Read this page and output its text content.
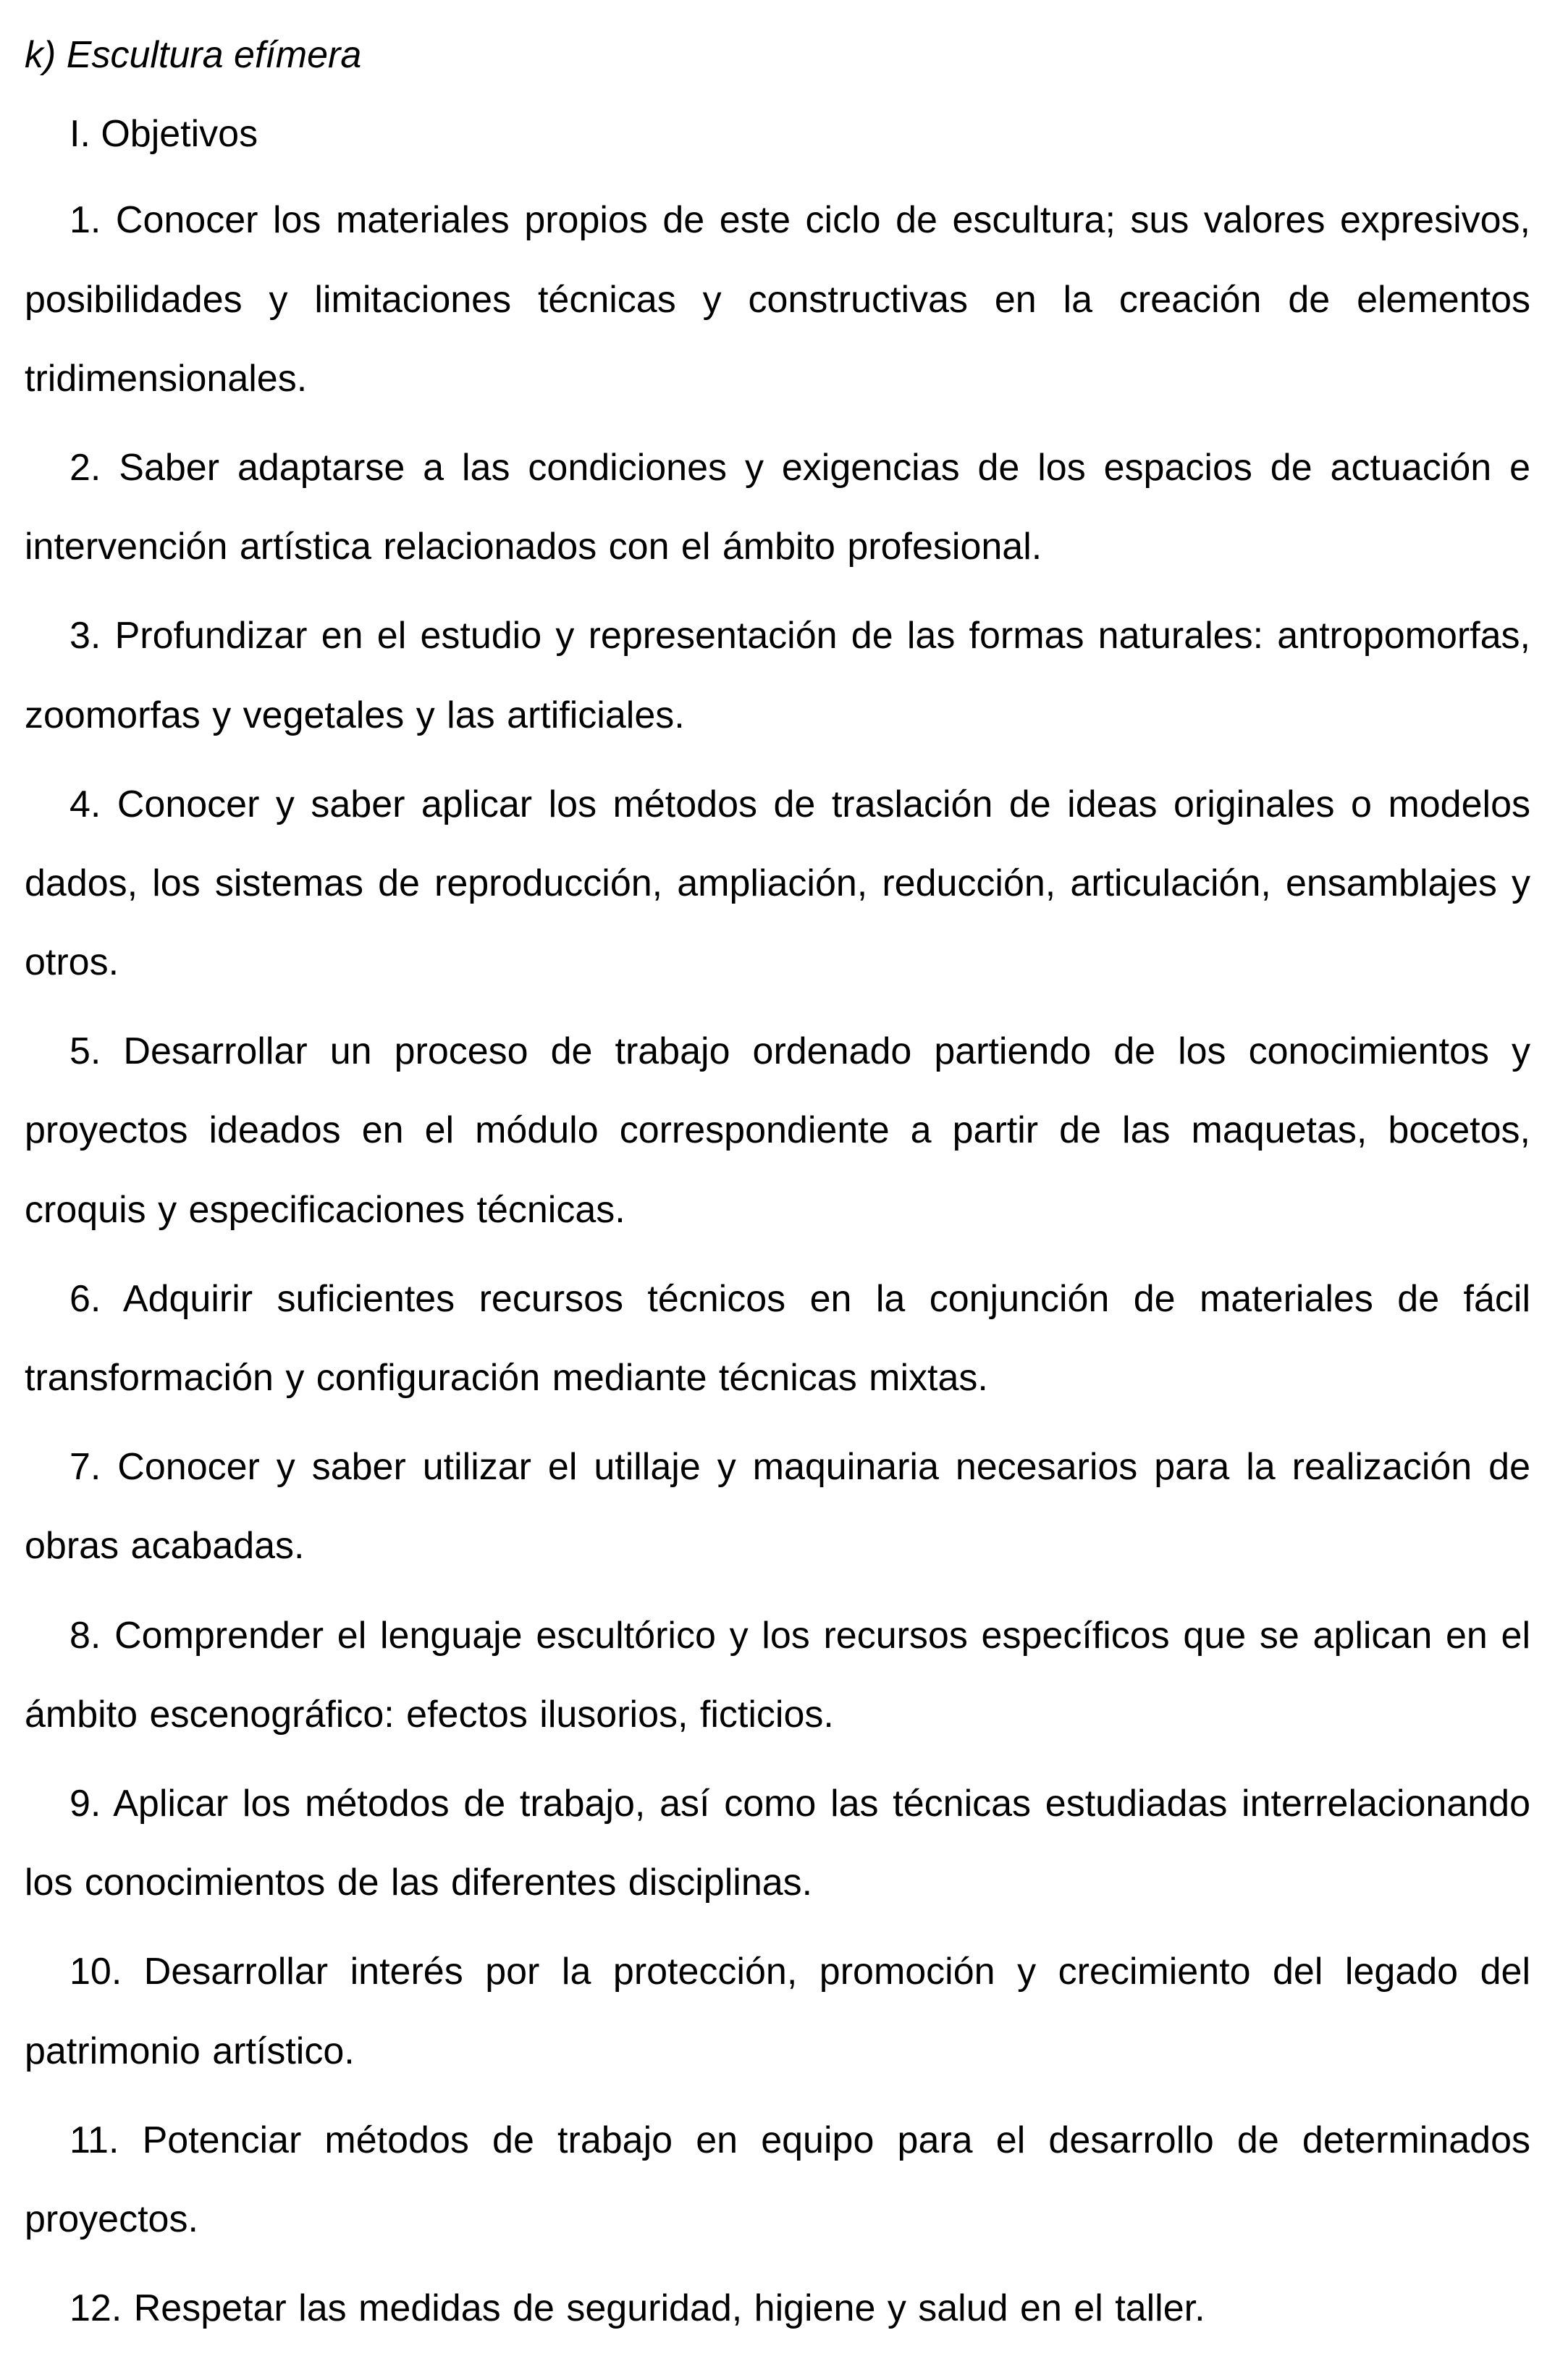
k) Escultura efímera
I. Objetivos

1. Conocer los materiales propios de este ciclo de escultura; sus valores expresivos, posibilidades y limitaciones técnicas y constructivas en la creación de elementos tridimensionales.

2. Saber adaptarse a las condiciones y exigencias de los espacios de actuación e intervención artística relacionados con el ámbito profesional.

3. Profundizar en el estudio y representación de las formas naturales: antropomorfas, zoomorfas y vegetales y las artificiales.

4. Conocer y saber aplicar los métodos de traslación de ideas originales o modelos dados, los sistemas de reproducción, ampliación, reducción, articulación, ensamblajes y otros.

5. Desarrollar un proceso de trabajo ordenado partiendo de los conocimientos y proyectos ideados en el módulo correspondiente a partir de las maquetas, bocetos, croquis y especificaciones técnicas.

6. Adquirir suficientes recursos técnicos en la conjunción de materiales de fácil transformación y configuración mediante técnicas mixtas.

7. Conocer y saber utilizar el utillaje y maquinaria necesarios para la realización de obras acabadas.

8. Comprender el lenguaje escultórico y los recursos específicos que se aplican en el ámbito escenográfico: efectos ilusorios, ficticios.

9. Aplicar los métodos de trabajo, así como las técnicas estudiadas interrelacionando los conocimientos de las diferentes disciplinas.

10. Desarrollar interés por la protección, promoción y crecimiento del legado del patrimonio artístico.

11. Potenciar métodos de trabajo en equipo para el desarrollo de determinados proyectos.

12. Respetar las medidas de seguridad, higiene y salud en el taller.
